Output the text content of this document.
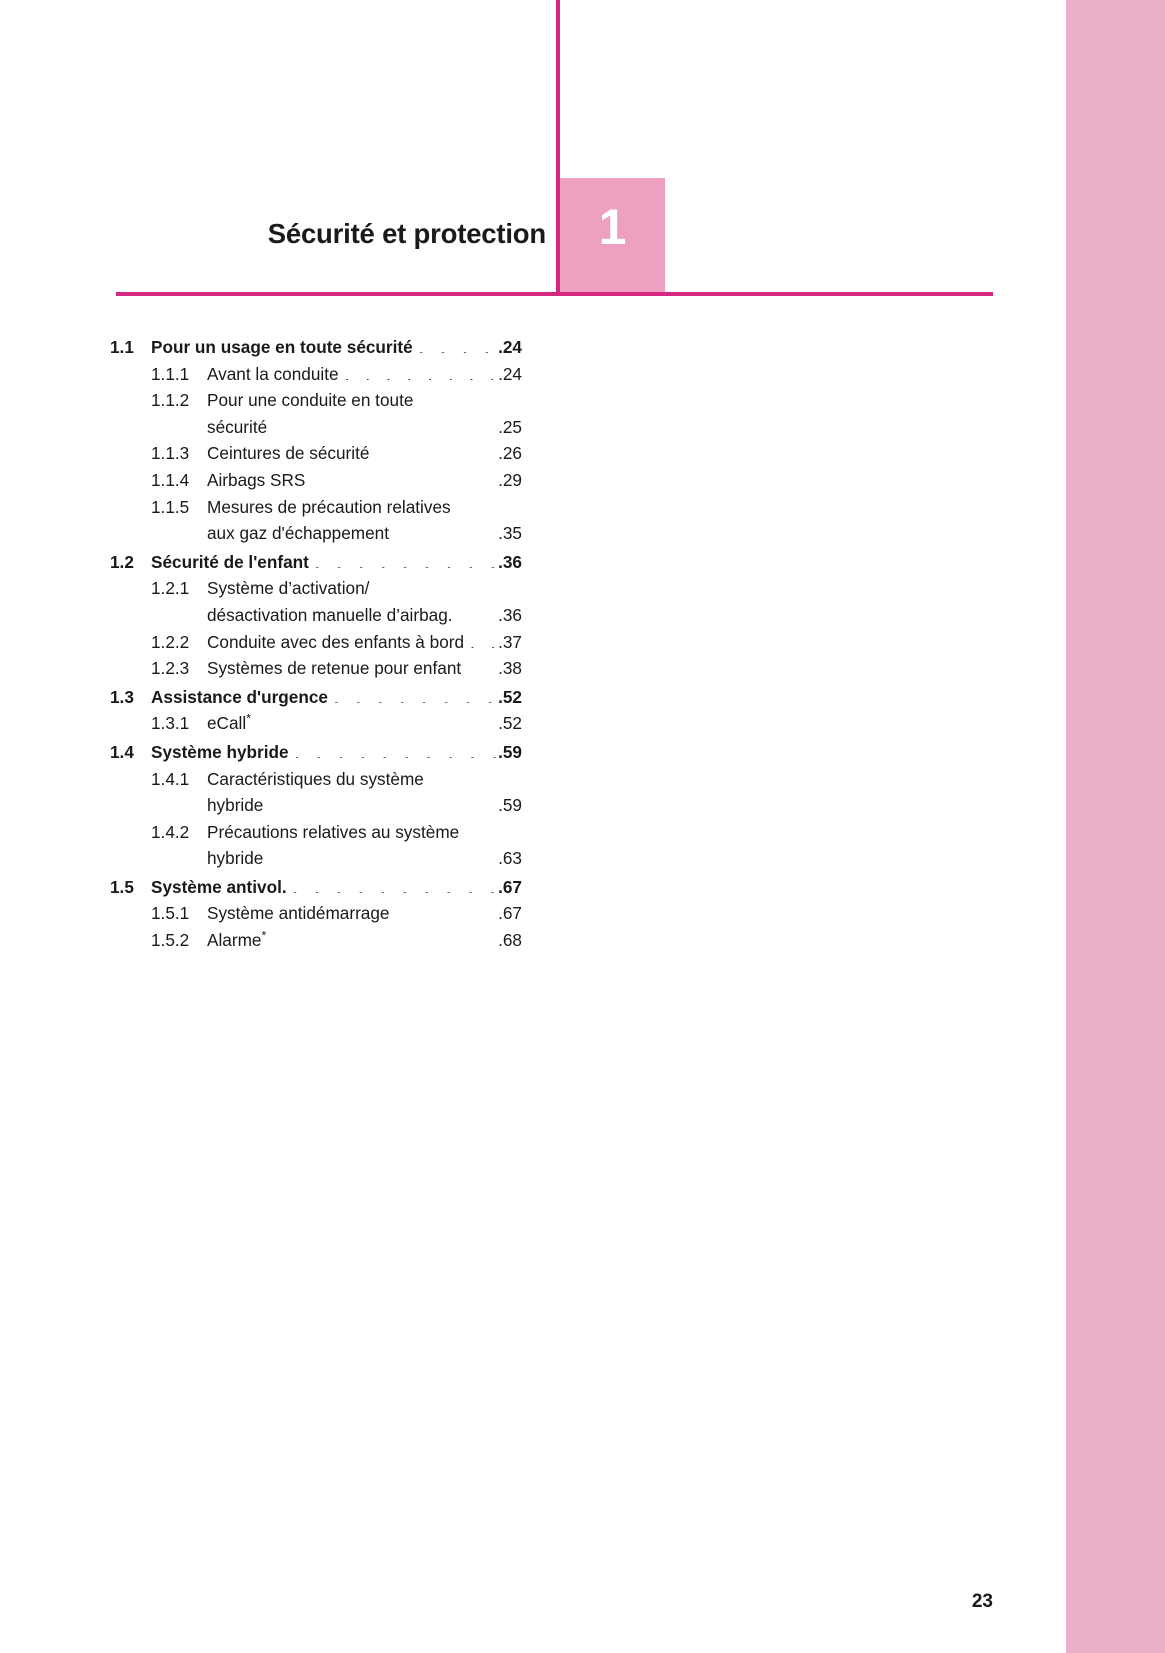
Sécurité et protection	1
1.1 Pour un usage en toute sécurité . . .	. 24
1.1.1	Avant la conduite . . .	. 24
1.1.2	Pour une conduite en toute
sécurité . . .	. 25
1.1.3	Ceintures de sécurité . . .	. 26
1.1.4	Airbags SRS . . .	. 29
1.1.5	Mesures de précaution relatives
aux gaz d'échappement . . .	. 35
1.2 Sécurité de l'enfant . . .	. 36
1.2.1	Système d’activation/
désactivation manuelle d’airbag. . . .	. 36
1.2.2	Conduite avec des enfants à bord . . .	. 37
1.2.3	Systèmes de retenue pour enfant . . .	. 38
1.3 Assistance d'urgence . . .	. 52
1.3.1	eCall* . . .	. 52
1.4 Système hybride . . .	. 59
1.4.1	Caractéristiques du système
hybride . . .	. 59
1.4.2	Précautions relatives au système
hybride . . .	. 63
1.5 Système antivol. . . .	. 67
1.5.1	Système antidémarrage . . .	. 67
1.5.2	Alarme* . . .	. 68
23
